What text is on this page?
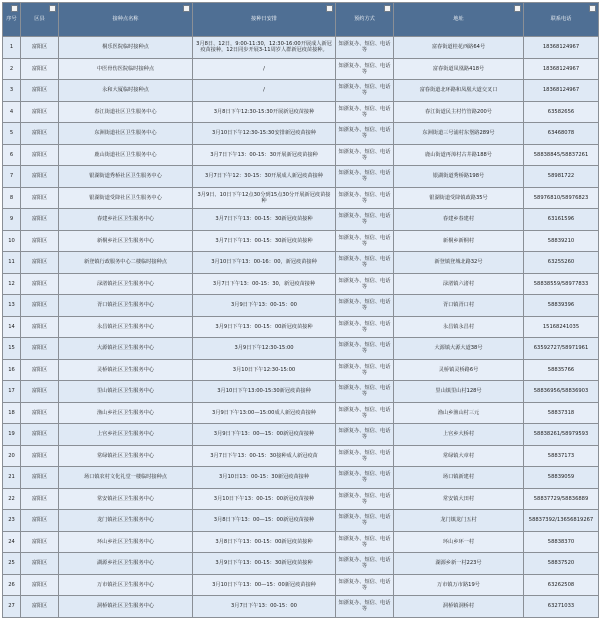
序号	区县	接种点名称	接种日安排	预约方式	地址	联系电话

1	富阳区	桐乐医院临时接种点	3月8日、12日，9:00-11:30，12:30-16:00开展成人新冠疫苗接种，12日同步开展3-11周岁人群新冠疫苗接种。	知浙复办、短信、电话等	富春街道桂花西路64号	18368124967
2	富阳区	中医骨伤医院临时接种点	/	知浙复办、短信、电话等	富春街道凤凰路418号	18368124967
3	富阳区	永和大厦临时接种点	/	知浙复办、短信、电话等	富春街道北环路和凤凰大道交叉口	18368124967
4	富阳区	春江街道社区卫生服务中心	3月8日下午12:30-15:30开展新冠疫苗接种	知浙复办、短信、电话等	春江街道民主村竹管路200号	63582656
5	富阳区	东洲街道社区卫生服务中心	3月10日下午12:30-15:30安排新冠疫苗接种	知浙复办、短信、电话等	东洲街道三号浦村东堡路289号	63468078
6	富阳区	鹿山街道社区卫生服务中心	3月7日下午13：00-15：30开展新冠疫苗接种	知浙复办、短信、电话等	鹿山街道再漳村古井路188号	58838845/58837261
7	富阳区	银湖街道秀桥社区卫生服务中心	3月7日下午12：30-15：30开展成人新冠疫苗接种	知浙复办、短信、电话等	银湖街道秀桥路198号	58981722
8	富阳区	银湖街道受降社区卫生服务中心	3月9日、10日下午12点30分到15点30分开展新冠疫苗接种	知浙复办、短信、电话等	银湖街道受降镇政路35号	58976810/58976823
9	富阳区	春建乡社区卫生服务中心	3月7日下午13：00-15：30新冠疫苗接种	知浙复办、短信、电话等	春建乡春建村	63161596
10	富阳区	新桐乡社区卫生服务中心	3月7日下午13：00-15：30新冠疫苗接种	知浙复办、短信、电话等	新桐乡新桐村	58839210
11	富阳区	新登镇行政服务中心二楼临时接种点	3月10日下午13：00-16：00，新冠疫苗接种	知浙复办、短信、电话等	新登镇登城北路32号	63255260
12	富阳区	渌渚镇社区卫生服务中心	3月7日下午13：00-15：30，新冠疫苗接种	知浙复办、短信、电话等	渌渚镇六渚村	58838559/58977833
13	富阳区	胥口镇社区卫生服务中心	3月9日下午13：00-15：00	知浙复办、短信、电话等	胥口镇胥口村	58839396
14	富阳区	永昌镇社区卫生服务中心	3月9日下午13：00-15：00新冠疫苗接种	知浙复办、短信、电话等	永昌镇永昌村	15168241035
15	富阳区	大源镇社区卫生服务中心	3月9日下午12:30-15:00	知浙复办、短信、电话等	大源镇大源大道38号	63592727/58971961
16	富阳区	灵桥镇社区卫生服务中心	3月10日下午12:30-15:00	知浙复办、短信、电话等	灵桥镇灵桥路6号	58835766
17	富阳区	里山镇社区卫生服务中心	3月10日下午13:00-15:30新冠疫苗接种	知浙复办、短信、电话等	里山镇里山村128号	58836956/58836903
18	富阳区	渔山乡社区卫生服务中心	3月9日下午13:00—15:00成人新冠疫苗接种	知浙复办、短信、电话等	渔山乡渔山村三元	58837318
19	富阳区	上官乡社区卫生服务中心	3月9日下午13：00—15：00新冠疫苗接种	知浙复办、短信、电话等	上官乡大桥村	58838261/58979593
20	富阳区	常绿镇社区卫生服务中心	3月7日下午13：00-15：30接种成人新冠疫苗	知浙复办、短信、电话等	常绿镇大章村	58837173
21	富阳区	场口镇农村文化礼堂一楼临时接种点	3月10日13：00-15：30新冠疫苗接种	知浙复办、短信、电话等	场口镇新建村	58839059
22	富阳区	常安镇社区卫生服务中心	3月10日下午13：00-15：00新冠疫苗接种	知浙复办、短信、电话等	常安镇大田村	58837729/58836889
23	富阳区	龙门镇社区卫生服务中心	3月8日下午13：00—15：00新冠疫苗接种	知浙复办、短信、电话等	龙门镇龙门五村	58837392/13656819267
24	富阳区	环山乡社区卫生服务中心	3月8日下午13：00-15：00新冠疫苗接种	知浙复办、短信、电话等	环山乡环一村	58838370
25	富阳区	湖源乡社区卫生服务中心	3月9日下午13：00-15：30新冠疫苗接种	知浙复办、短信、电话等	湖源乡新一村223号	58837520
26	富阳区	万市镇社区卫生服务中心	3月10日下午13：00—15：00新冠疫苗接种	知浙复办、短信、电话等	万市镇万市路19号	63262508
27	富阳区	洞桥镇社区卫生服务中心	3月7日下午13：00-15：00	知浙复办、短信、电话等	洞桥镇洞桥村	63271033
